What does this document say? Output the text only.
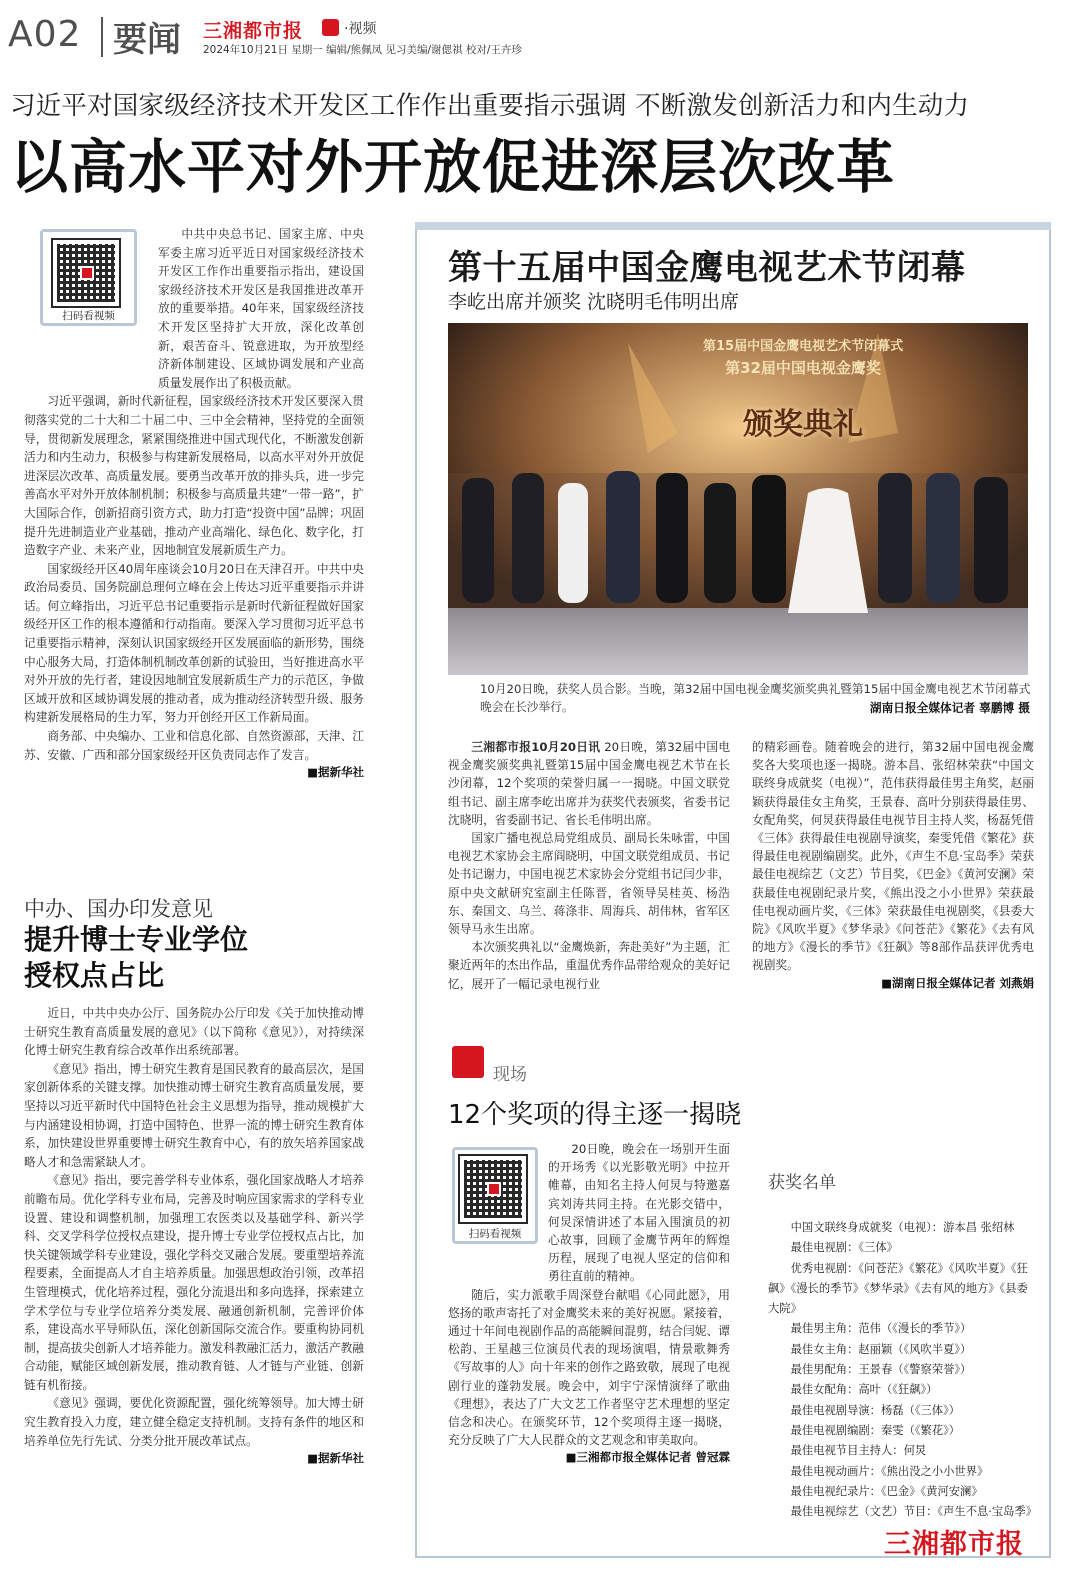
A02 要闻 三湘都市报	·视频
2024年10月21日 星期一 编辑/熊佩凤 见习美编/谢偲祺 校对/王卉珍
习近平对国家级经济技术开发区工作作出重要指示强调 不断激发创新活力和内生动力
以高水平对外开放促进深层次改革
扫码看视频

中共中央总书记、国家主席、中央军委主席习近平近日对国家级经济技术开发区工作作出重要指示指出，建设国家级经济技术开发区是我国推进改革开放的重要举措。40年来，国家级经济技术开发区坚持扩大开放，深化改革创新，艰苦奋斗、锐意进取，为开放型经济新体制建设、区域协调发展和产业高质量发展作出了积极贡献。

习近平强调，新时代新征程，国家级经济技术开发区要深入贯彻落实党的二十大和二十届二中、三中全会精神，坚持党的全面领导，贯彻新发展理念，紧紧围绕推进中国式现代化，不断激发创新活力和内生动力，积极参与构建新发展格局，以高水平对外开放促进深层次改革、高质量发展。要勇当改革开放的排头兵，进一步完善高水平对外开放体制机制；积极参与高质量共建“一带一路”，扩大国际合作，创新招商引资方式，助力打造“投资中国”品牌；巩固提升先进制造业产业基础，推动产业高端化、绿色化、数字化，打造数字产业、未来产业，因地制宜发展新质生产力。

国家级经开区40周年座谈会10月20日在天津召开。中共中央政治局委员、国务院副总理何立峰在会上传达习近平重要指示并讲话。何立峰指出，习近平总书记重要指示是新时代新征程做好国家级经开区工作的根本遵循和行动指南。要深入学习贯彻习近平总书记重要指示精神，深刻认识国家级经开区发展面临的新形势，围绕中心服务大局，打造体制机制改革创新的试验田，当好推进高水平对外开放的先行者，建设因地制宜发展新质生产力的示范区，争做区域开放和区域协调发展的推动者，成为推动经济转型升级、服务构建新发展格局的生力军，努力开创经开区工作新局面。

商务部、中央编办、工业和信息化部、自然资源部，天津、江苏、安徽、广西和部分国家级经开区负责同志作了发言。

■据新华社
中办、国办印发意见
提升博士专业学位
授权点占比

近日，中共中央办公厅、国务院办公厅印发《关于加快推动博士研究生教育高质量发展的意见》（以下简称《意见》），对持续深化博士研究生教育综合改革作出系统部署。

《意见》指出，博士研究生教育是国民教育的最高层次，是国家创新体系的关键支撑。加快推动博士研究生教育高质量发展，要坚持以习近平新时代中国特色社会主义思想为指导，推动规模扩大与内涵建设相协调，打造中国特色、世界一流的博士研究生教育体系，加快建设世界重要博士研究生教育中心，有的放矢培养国家战略人才和急需紧缺人才。

《意见》指出，要完善学科专业体系，强化国家战略人才培养前瞻布局。优化学科专业布局，完善及时响应国家需求的学科专业设置、建设和调整机制，加强理工农医类以及基础学科、新兴学科、交叉学科学位授权点建设，提升博士专业学位授权点占比，加快关键领域学科专业建设，强化学科交叉融合发展。要重塑培养流程要素，全面提高人才自主培养质量。加强思想政治引领，改革招生管理模式，优化培养过程，强化分流退出和多向选择，探索建立学术学位与专业学位培养分类发展、融通创新机制，完善评价体系，建设高水平导师队伍，深化创新国际交流合作。要重构协同机制，提高拔尖创新人才培养能力。激发科教融汇活力，激活产教融合动能，赋能区域创新发展，推动教育链、人才链与产业链、创新链有机衔接。

《意见》强调，要优化资源配置，强化统筹领导。加大博士研究生教育投入力度，建立健全稳定支持机制。支持有条件的地区和培养单位先行先试、分类分批开展改革试点。

■据新华社
第十五届中国金鹰电视艺术节闭幕
李屹出席并颁奖 沈晓明毛伟明出席
第15届中国金鹰电视艺术节闭幕式
第32届中国电视金鹰奖
颁奖典礼
10月20日晚，获奖人员合影。当晚，第32届中国电视金鹰奖颁奖典礼暨第15届中国金鹰电视艺术节闭幕式晚会在长沙举行。	湖南日报全媒体记者 辜鹏博 摄

三湘都市报10月20日讯 20日晚，第32届中国电视金鹰奖颁奖典礼暨第15届中国金鹰电视艺术节在长沙闭幕，12个奖项的荣誉归属一一揭晓。中国文联党组书记、副主席李屹出席并为获奖代表颁奖，省委书记沈晓明，省委副书记、省长毛伟明出席。

国家广播电视总局党组成员、副局长朱咏雷，中国电视艺术家协会主席阎晓明，中国文联党组成员、书记处书记谢力，中国电视艺术家协会分党组书记闫少非，原中央文献研究室副主任陈晋，省领导吴桂英、杨浩东、秦国文、乌兰、蒋涤非、周海兵、胡伟林，省军区领导马永生出席。

本次颁奖典礼以“金鹰焕新，奔赴美好”为主题，汇聚近两年的杰出作品，重温优秀作品带给观众的美好记忆，展开了一幅记录电视行业

的精彩画卷。随着晚会的进行，第32届中国电视金鹰奖各大奖项也逐一揭晓。游本昌、张绍林荣获“中国文联终身成就奖（电视）”，范伟获得最佳男主角奖，赵丽颖获得最佳女主角奖，王景春、高叶分别获得最佳男、女配角奖，何炅获得最佳电视节目主持人奖，杨磊凭借《三体》获得最佳电视剧导演奖，秦雯凭借《繁花》获得最佳电视剧编剧奖。此外，《声生不息·宝岛季》荣获最佳电视综艺（文艺）节目奖，《巴金》《黄河安澜》荣获最佳电视剧纪录片奖，《熊出没之小小世界》荣获最佳电视动画片奖，《三体》荣获最佳电视剧奖，《县委大院》《风吹半夏》《梦华录》《问苍茫》《繁花》《去有风的地方》《漫长的季节》《狂飙》等8部作品获评优秀电视剧奖。

■湖南日报全媒体记者 刘燕娟
现场
12个奖项的得主逐一揭晓
扫码看视频

20日晚，晚会在一场别开生面的开场秀《以光影敬光明》中拉开帷幕，由知名主持人何炅与特邀嘉宾刘涛共同主持。在光影交错中，何炅深情讲述了本届入围演员的初心故事，回顾了金鹰节两年的辉煌历程，展现了电视人坚定的信仰和勇往直前的精神。

随后，实力派歌手周深登台献唱《心同此愿》，用悠扬的歌声寄托了对金鹰奖未来的美好祝愿。紧接着，通过十年间电视剧作品的高能瞬间混剪，结合闫妮、谭松韵、王星越三位演员代表的现场演唱，情景歌舞秀《写故事的人》向十年来的创作之路致敬，展现了电视剧行业的蓬勃发展。晚会中，刘宇宁深情演绎了歌曲《理想》，表达了广大文艺工作者坚守艺术理想的坚定信念和决心。在颁奖环节，12个奖项得主逐一揭晓，充分反映了广大人民群众的文艺观念和审美取向。

■三湘都市报全媒体记者 曾冠霖
获奖名单
中国文联终身成就奖（电视）：游本昌 张绍林
最佳电视剧：《三体》
优秀电视剧：《问苍茫》《繁花》《风吹半夏》《狂飙》《漫长的季节》《梦华录》《去有风的地方》《县委大院》
最佳男主角：范伟（《漫长的季节》）
最佳女主角：赵丽颖（《风吹半夏》）
最佳男配角：王景春（《警察荣誉》）
最佳女配角：高叶（《狂飙》）
最佳电视剧导演：杨磊（《三体》）
最佳电视剧编剧：秦雯（《繁花》）
最佳电视节目主持人：何炅
最佳电视动画片：《熊出没之小小世界》
最佳电视纪录片：《巴金》《黄河安澜》
最佳电视综艺（文艺）节目：《声生不息·宝岛季》
三湘都市报
